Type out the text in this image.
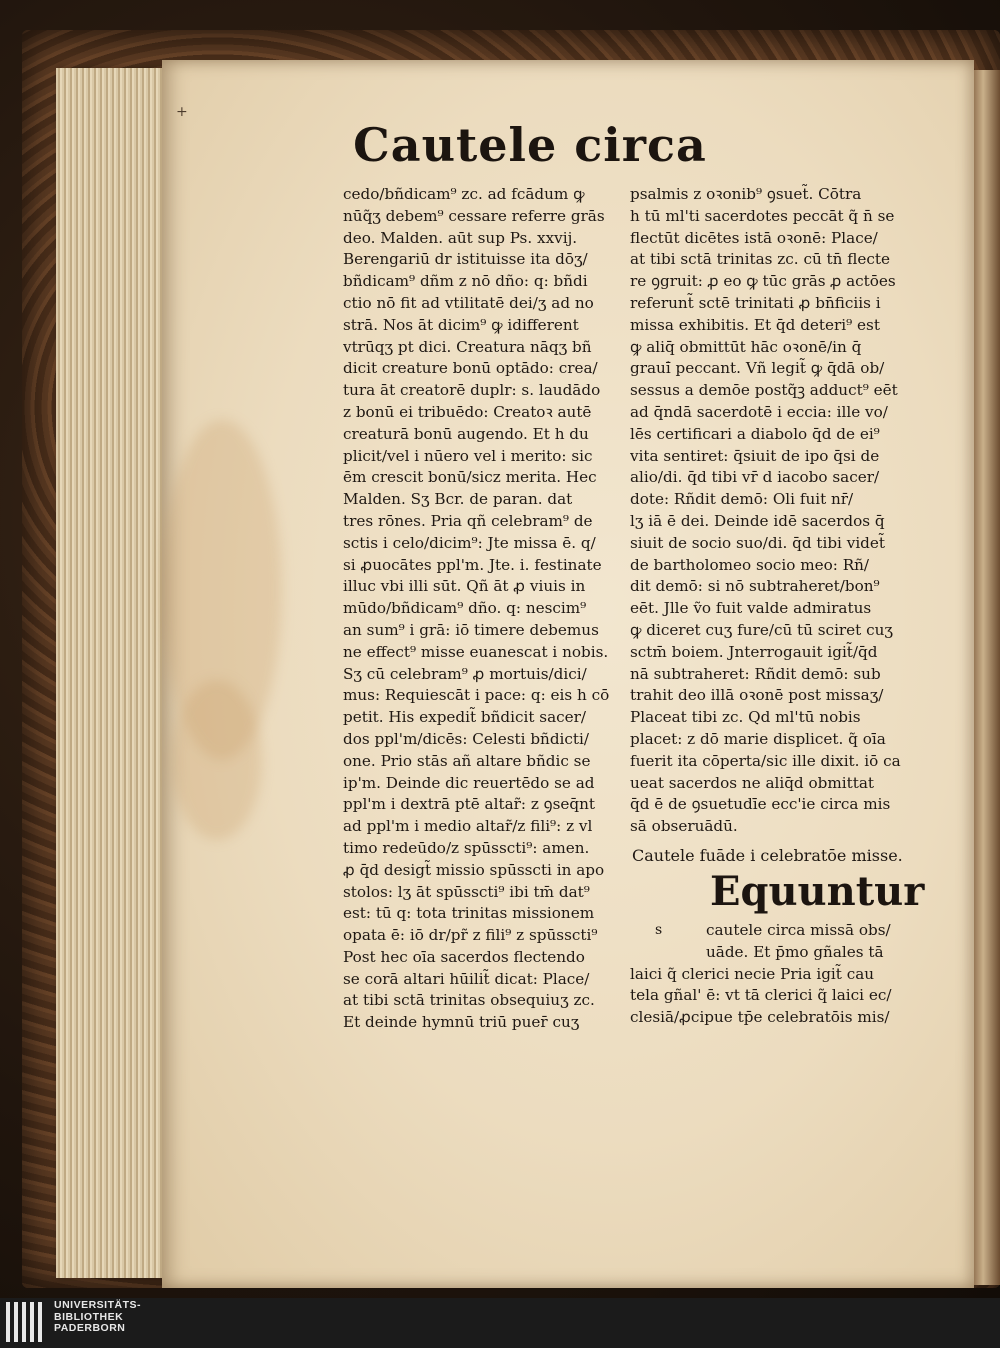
+
Cautele circa
cedo/bñdicam⁹ zc. ad fcādum ꝙ
nūq̃ʒ debem⁹ cessare referre grās
deo. Malden. aūt sup Ps. xxvij.
Berengariū dr istituisse ita dōʒ/
bñdicam⁹ dñm z nō dño: q: bñdi
ctio nō fit ad vtilitatē dei/ʒ ad no
strā. Nos āt dicim⁹ ꝙ idifferent
vtrūqʒ pt dici. Creatura nāqʒ bñ
dicit creature bonū optādo: crea/
tura āt creatorē duplr: s. laudādo
z bonū ei tribuēdo: Creatoꝛ autē
creaturā bonū augendo. Et h du
plicit/vel i nūero vel i merito: sic
ēm crescit bonū/sicz merita. Hec
Malden. Sʒ Bcr. de paran. dat
tres rōnes. Pria qñ celebram⁹ de
sctis i celo/dicim⁹: Jte missa ē. q/
si ꝓuocātes ppl'm. Jte. i. festinate
illuc vbi illi sūt. Qñ āt ꝓ viuis in
mūdo/bñdicam⁹ dño. q: nescim⁹
an sum⁹ i grā: iō timere debemus
ne effect⁹ misse euanescat i nobis.
Sʒ cū celebram⁹ ꝓ mortuis/dici/
mus: Requiescāt i pace: q: eis h cō
petit. His expedit̃ bñdicit sacer/
dos ppl'm/dicēs: Celesti bñdicti/
one. Prio stās añ altare bñdic se
ip'm. Deinde dic reuertēdo se ad
ppl'm i dextrā ptē altar̃: z ꝯseq̄nt
ad ppl'm i medio altar̃/z fili⁹: z vl
timo redeūdo/z spūsscti⁹: amen.
ꝓ q̄d desigt̃ missio spūsscti in apo
stolos: lʒ āt spūsscti⁹ ibi tm̄ dat⁹
est: tū q: tota trinitas missionem
opata ē: iō dr/pr̃ z fili⁹ z spūsscti⁹
Post hec oīa sacerdos flectendo
se corā altari hūilit̃ dicat: Place/
at tibi sctā trinitas obsequiuʒ zc.
Et deinde hymnū triū puer̄ cuʒ
psalmis z oꝛonib⁹ ꝯsuet̃. Cōtra
h tū ml'ti sacerdotes peccāt q̃ n̄ se
flectūt dicētes istā oꝛonē: Place/
at tibi sctā trinitas zc. cū tn̄ flecte
re ꝯgruit: ꝓ eo ꝙ tūc grās ꝓ actōes
referunt̃ sctē trinitati ꝓ bn̄ficiis i
missa exhibitis. Et q̄d deteri⁹ est
ꝙ aliq̄ obmittūt hāc oꝛonē/in q̄
graui̇̄ peccant. Vñ legit̃ ꝙ q̄dā ob/
sessus a demōe postq̃ꝫ adduct⁹ eēt
ad q̄ndā sacerdotē i eccia: ille vo/
lēs certificari a diabolo q̄d de ei⁹
vita sentiret: q̄siuit de ipo q̄si de
alio/di. q̄d tibi vr̄ d iacobo sacer/
dote: Rñdit demō: Oli fuit nr̄/
lʒ iā ē dei. Deinde idē sacerdos q̄
siuit de socio suo/di. q̄d tibi videt̃
de bartholomeo socio meo: Rñ/
dit demō: si nō subtraheret/bon⁹
eēt. Jlle ṽo fuit valde admiratus
ꝙ diceret cuʒ fure/cū tū sciret cuʒ
sctm̄ boiem. Jnterrogauit igit̃/q̄d
nā subtraheret: Rñdit demō: sub
trahit deo illā oꝛonē post missaʒ/
Placeat tibi zc. Qd ml'tū nobis
placet: z dō marie displicet. q̃ oīa
fuerit ita cōperta/sic ille dixit. iō ca
ueat sacerdos ne aliq̄d obmittat
q̄d ē de ꝯsuetudīe ecc'ie circa mis
sā obseruādū.
Cautele fuāde i celebratōe misse.
Equuntur
s	cautele circa missā obs/
uāde. Et p̄mo gñales tā
laici q̃ clerici necie Pria igit̃ cau
tela gñal' ē: vt tā clerici q̃ laici ec/
clesiā/ꝓcipue tp̄e celebratōis mis/
UNIVERSITÄTS-
BIBLIOTHEK
PADERBORN
